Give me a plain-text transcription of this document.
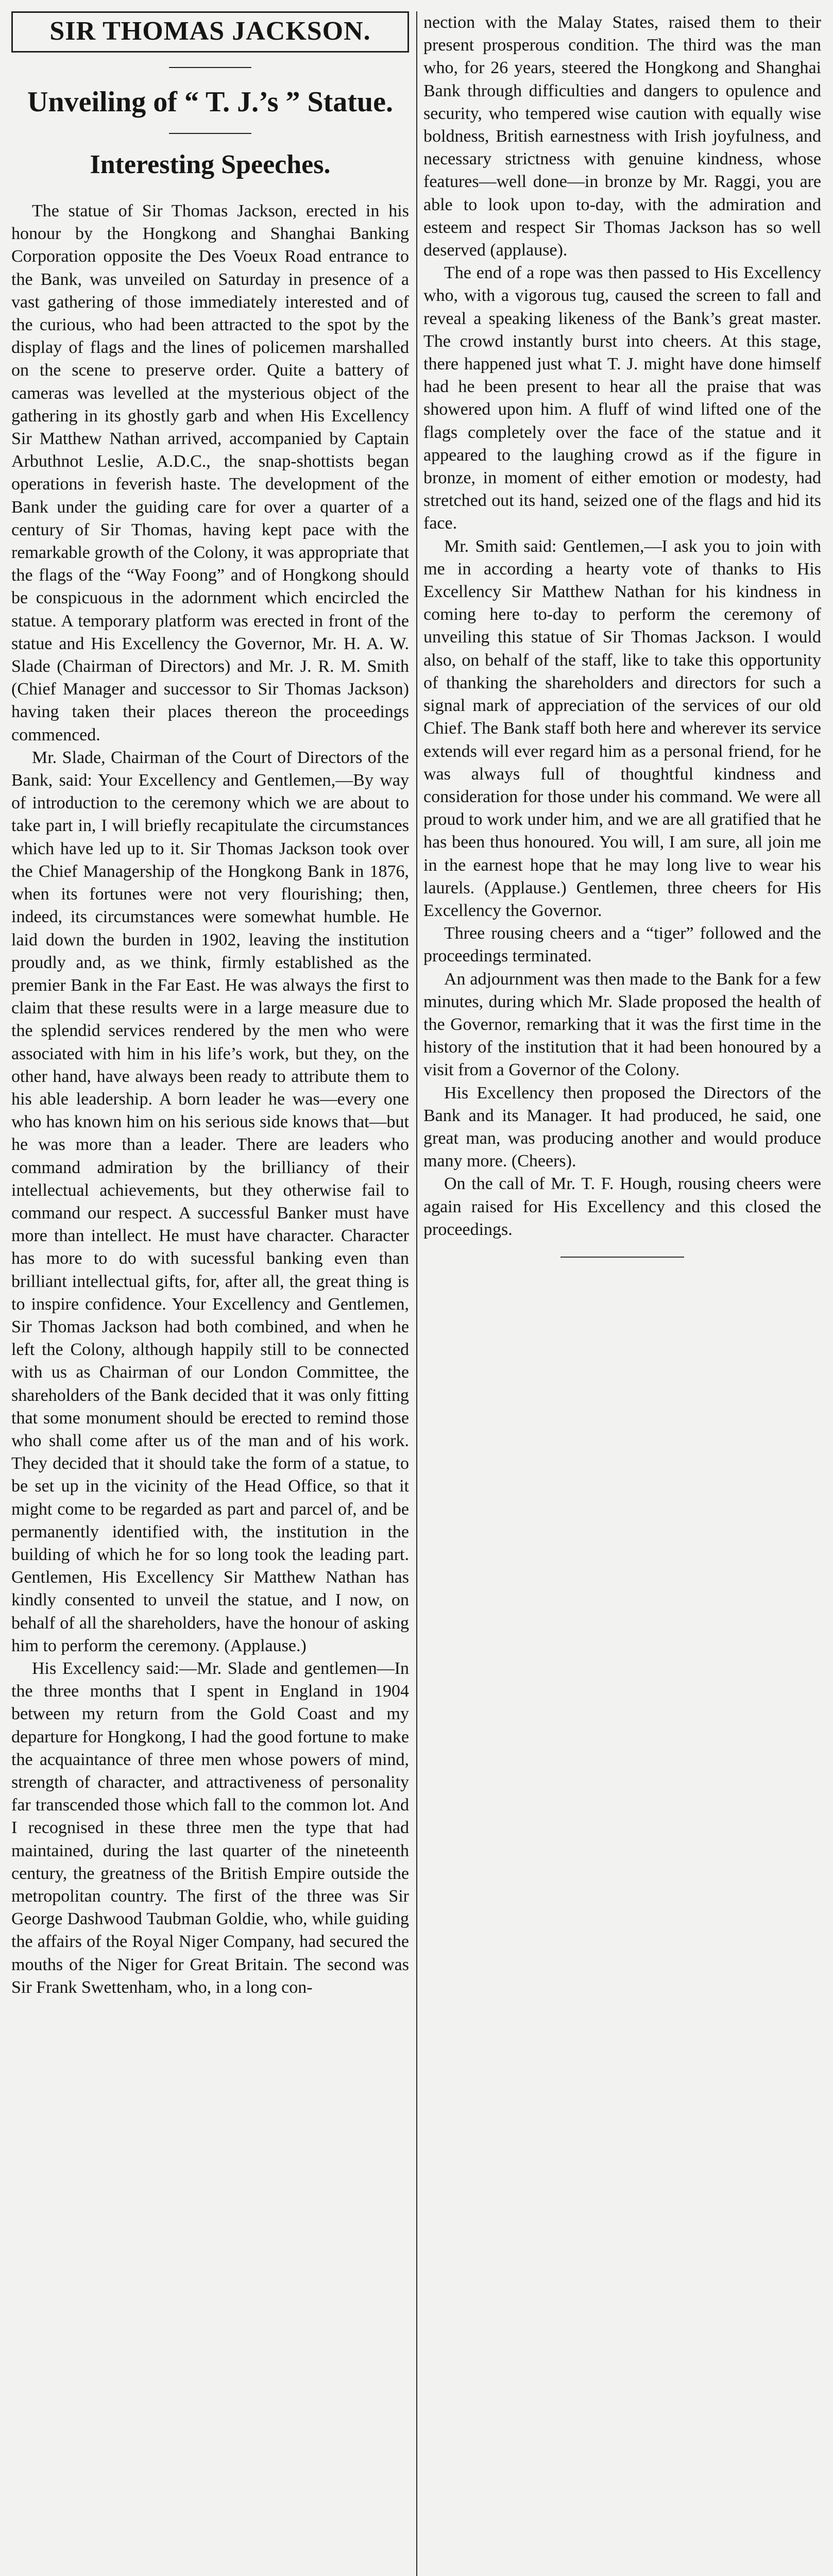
SIR THOMAS JACKSON.
Unveiling of “ T. J.’s ” Statue.
Interesting Speeches.

The statue of Sir Thomas Jackson, erected in his honour by the Hongkong and Shanghai Banking Corporation opposite the Des Voeux Road entrance to the Bank, was unveiled on Saturday in presence of a vast gathering of those immediately interested and of the curious, who had been attracted to the spot by the display of flags and the lines of policemen marshalled on the scene to preserve order. Quite a battery of cameras was levelled at the mysterious object of the gathering in its ghostly garb and when His Excellency Sir Matthew Nathan arrived, accompanied by Captain Arbuthnot Leslie, A.D.C., the snap-shottists began operations in feverish haste. The development of the Bank under the guiding care for over a quarter of a century of Sir Thomas, having kept pace with the remarkable growth of the Colony, it was appropriate that the flags of the “Way Foong” and of Hongkong should be conspicuous in the adornment which encircled the statue. A temporary platform was erected in front of the statue and His Excellency the Governor, Mr. H. A. W. Slade (Chairman of Directors) and Mr. J. R. M. Smith (Chief Manager and successor to Sir Thomas Jackson) having taken their places thereon the proceedings commenced.

Mr. Slade, Chairman of the Court of Directors of the Bank, said: Your Excellency and Gentlemen,—By way of introduction to the ceremony which we are about to take part in, I will briefly recapitulate the circumstances which have led up to it. Sir Thomas Jackson took over the Chief Managership of the Hongkong Bank in 1876, when its fortunes were not very flourishing; then, indeed, its circumstances were somewhat humble. He laid down the burden in 1902, leaving the institution proudly and, as we think, firmly established as the premier Bank in the Far East. He was always the first to claim that these results were in a large measure due to the splendid services rendered by the men who were associated with him in his life’s work, but they, on the other hand, have always been ready to attribute them to his able leadership. A born leader he was—every one who has known him on his serious side knows that—but he was more than a leader. There are leaders who command admiration by the brilliancy of their intellectual achievements, but they otherwise fail to command our respect. A successful Banker must have more than intellect. He must have character. Character has more to do with sucessful banking even than brilliant intellectual gifts, for, after all, the great thing is to inspire confidence. Your Excellency and Gentlemen, Sir Thomas Jackson had both combined, and when he left the Colony, although happily still to be connected with us as Chairman of our London Committee, the shareholders of the Bank decided that it was only fitting that some monument should be erected to remind those who shall come after us of the man and of his work. They decided that it should take the form of a statue, to be set up in the vicinity of the Head Office, so that it might come to be regarded as part and parcel of, and be permanently identified with, the institution in the building of which he for so long took the leading part. Gentlemen, His Excellency Sir Matthew Nathan has kindly consented to unveil the statue, and I now, on behalf of all the shareholders, have the honour of asking him to perform the ceremony. (Applause.)

His Excellency said:—Mr. Slade and gentlemen—In the three months that I spent in England in 1904 between my return from the Gold Coast and my departure for Hongkong, I had the good fortune to make the acquaintance of three men whose powers of mind, strength of character, and attractiveness of personality far transcended those which fall to the common lot. And I recognised in these three men the type that had maintained, during the last quarter of the nineteenth century, the greatness of the British Empire outside the metropolitan country. The first of the three was Sir George Dashwood Taubman Goldie, who, while guiding the affairs of the Royal Niger Company, had secured the mouths of the Niger for Great Britain. The second was Sir Frank Swettenham, who, in a long con-

nection with the Malay States, raised them to their present prosperous condition. The third was the man who, for 26 years, steered the Hongkong and Shanghai Bank through difficulties and dangers to opulence and security, who tempered wise caution with equally wise boldness, British earnestness with Irish joyfulness, and necessary strictness with genuine kindness, whose features—well done—in bronze by Mr. Raggi, you are able to look upon to-day, with the admiration and esteem and respect Sir Thomas Jackson has so well deserved (applause).

The end of a rope was then passed to His Excellency who, with a vigorous tug, caused the screen to fall and reveal a speaking likeness of the Bank’s great master. The crowd instantly burst into cheers. At this stage, there happened just what T. J. might have done himself had he been present to hear all the praise that was showered upon him. A fluff of wind lifted one of the flags completely over the face of the statue and it appeared to the laughing crowd as if the figure in bronze, in moment of either emotion or modesty, had stretched out its hand, seized one of the flags and hid its face.

Mr. Smith said: Gentlemen,—I ask you to join with me in according a hearty vote of thanks to His Excellency Sir Matthew Nathan for his kindness in coming here to-day to perform the ceremony of unveiling this statue of Sir Thomas Jackson. I would also, on behalf of the staff, like to take this opportunity of thanking the shareholders and directors for such a signal mark of appreciation of the services of our old Chief. The Bank staff both here and wherever its service extends will ever regard him as a personal friend, for he was always full of thoughtful kindness and consideration for those under his command. We were all proud to work under him, and we are all gratified that he has been thus honoured. You will, I am sure, all join me in the earnest hope that he may long live to wear his laurels. (Applause.) Gentlemen, three cheers for His Excellency the Governor.

Three rousing cheers and a “tiger” followed and the proceedings terminated.

An adjournment was then made to the Bank for a few minutes, during which Mr. Slade proposed the health of the Governor, remarking that it was the first time in the history of the institution that it had been honoured by a visit from a Governor of the Colony.

His Excellency then proposed the Directors of the Bank and its Manager. It had produced, he said, one great man, was producing another and would produce many more. (Cheers).

On the call of Mr. T. F. Hough, rousing cheers were again raised for His Excellency and this closed the proceedings.
